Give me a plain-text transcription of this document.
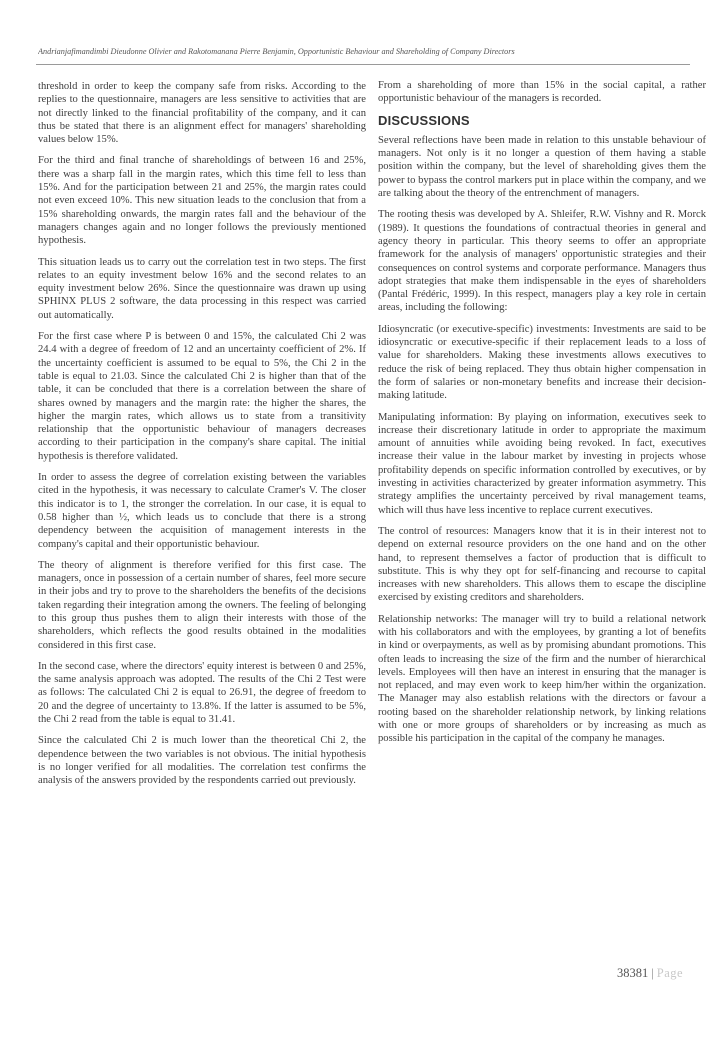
Andrianjafimandimbi Dieudonne Olivier and Rakotomanana Pierre Benjamin, Opportunistic Behaviour and Shareholding of Company Directors

threshold in order to keep the company safe from risks. According to the replies to the questionnaire, managers are less sensitive to activities that are not directly linked to the financial profitability of the company, and it can thus be stated that there is an alignment effect for managers' shareholding values below 15%.

For the third and final tranche of shareholdings of between 16 and 25%, there was a sharp fall in the margin rates, which this time fell to less than 15%. And for the participation between 21 and 25%, the margin rates could not even exceed 10%. This new situation leads to the conclusion that from a 15% shareholding onwards, the margin rates fall and the behaviour of the managers changes again and no longer follows the previously mentioned hypothesis.

This situation leads us to carry out the correlation test in two steps. The first relates to an equity investment below 16% and the second relates to an equity investment below 26%. Since the questionnaire was drawn up using SPHINX PLUS 2 software, the data processing in this respect was carried out automatically.

For the first case where P is between 0 and 15%, the calculated Chi 2 was 24.4 with a degree of freedom of 12 and an uncertainty coefficient of 2%. If the uncertainty coefficient is assumed to be equal to 5%, the Chi 2 in the table is equal to 21.03. Since the calculated Chi 2 is higher than that of the table, it can be concluded that there is a correlation between the share of shares owned by managers and the margin rate: the higher the shares, the higher the margin rates, which allows us to state from a transitivity relationship that the opportunistic behaviour of managers decreases according to their participation in the company's share capital. The initial hypothesis is therefore validated.

In order to assess the degree of correlation existing between the variables cited in the hypothesis, it was necessary to calculate Cramer's V. The closer this indicator is to 1, the stronger the correlation. In our case, it is equal to 0.58 higher than ½, which leads us to conclude that there is a strong dependency between the acquisition of management interests in the company's capital and their opportunistic behaviour.

The theory of alignment is therefore verified for this first case. The managers, once in possession of a certain number of shares, feel more secure in their jobs and try to prove to the shareholders the benefits of the decisions taken regarding their integration among the owners. The feeling of belonging to this group thus pushes them to align their interests with those of the shareholders, which reflects the good results obtained in the modalities considered in this first case.

In the second case, where the directors' equity interest is between 0 and 25%, the same analysis approach was adopted. The results of the Chi 2 Test were as follows: The calculated Chi 2 is equal to 26.91, the degree of freedom to 20 and the degree of uncertainty to 13.8%. If the latter is assumed to be 5%, the Chi 2 read from the table is equal to 31.41.

Since the calculated Chi 2 is much lower than the theoretical Chi 2, the dependence between the two variables is not obvious. The initial hypothesis is no longer verified for all modalities. The correlation test confirms the analysis of the answers provided by the respondents carried out previously.

From a shareholding of more than 15% in the social capital, a rather opportunistic behaviour of the managers is recorded.

DISCUSSIONS

Several reflections have been made in relation to this unstable behaviour of managers. Not only is it no longer a question of them having a stable position within the company, but the level of shareholding gives them the power to bypass the control markers put in place within the company, and we are talking about the theory of the entrenchment of managers.

The rooting thesis was developed by A. Shleifer, R.W. Vishny and R. Morck (1989). It questions the foundations of contractual theories in general and agency theory in particular. This theory seems to offer an appropriate framework for the analysis of managers' opportunistic strategies and their consequences on control systems and corporate performance. Managers thus adopt strategies that make them indispensable in the eyes of shareholders (Pantal Frédéric, 1999). In this respect, managers play a key role in certain areas, including the following:

Idiosyncratic (or executive-specific) investments: Investments are said to be idiosyncratic or executive-specific if their replacement leads to a loss of value for shareholders. Making these investments allows executives to reduce the risk of being replaced. They thus obtain higher compensation in the form of salaries or non-monetary benefits and increase their decision-making latitude.

Manipulating information: By playing on information, executives seek to increase their discretionary latitude in order to appropriate the maximum amount of annuities while avoiding being revoked. In fact, executives increase their value in the labour market by investing in projects whose profitability depends on specific information controlled by executives, or by investing in activities characterized by greater information asymmetry. This strategy amplifies the uncertainty perceived by rival management teams, which will thus have less incentive to replace current executives.

The control of resources: Managers know that it is in their interest not to depend on external resource providers on the one hand and on the other hand, to represent themselves a factor of production that is difficult to substitute. This is why they opt for self-financing and recourse to capital increases with new shareholders. This allows them to escape the discipline exercised by existing creditors and shareholders.

Relationship networks: The manager will try to build a relational network with his collaborators and with the employees, by granting a lot of benefits in kind or overpayments, as well as by promising abundant promotions. This often leads to increasing the size of the firm and the number of hierarchical levels. Employees will then have an interest in ensuring that the manager is not replaced, and may even work to keep him/her within the organization. The Manager may also establish relations with the directors or favour a rooting based on the shareholder relationship network, by linking relations with one or more groups of shareholders or by increasing as much as possible his participation in the capital of the company he manages.

38381 | Page
